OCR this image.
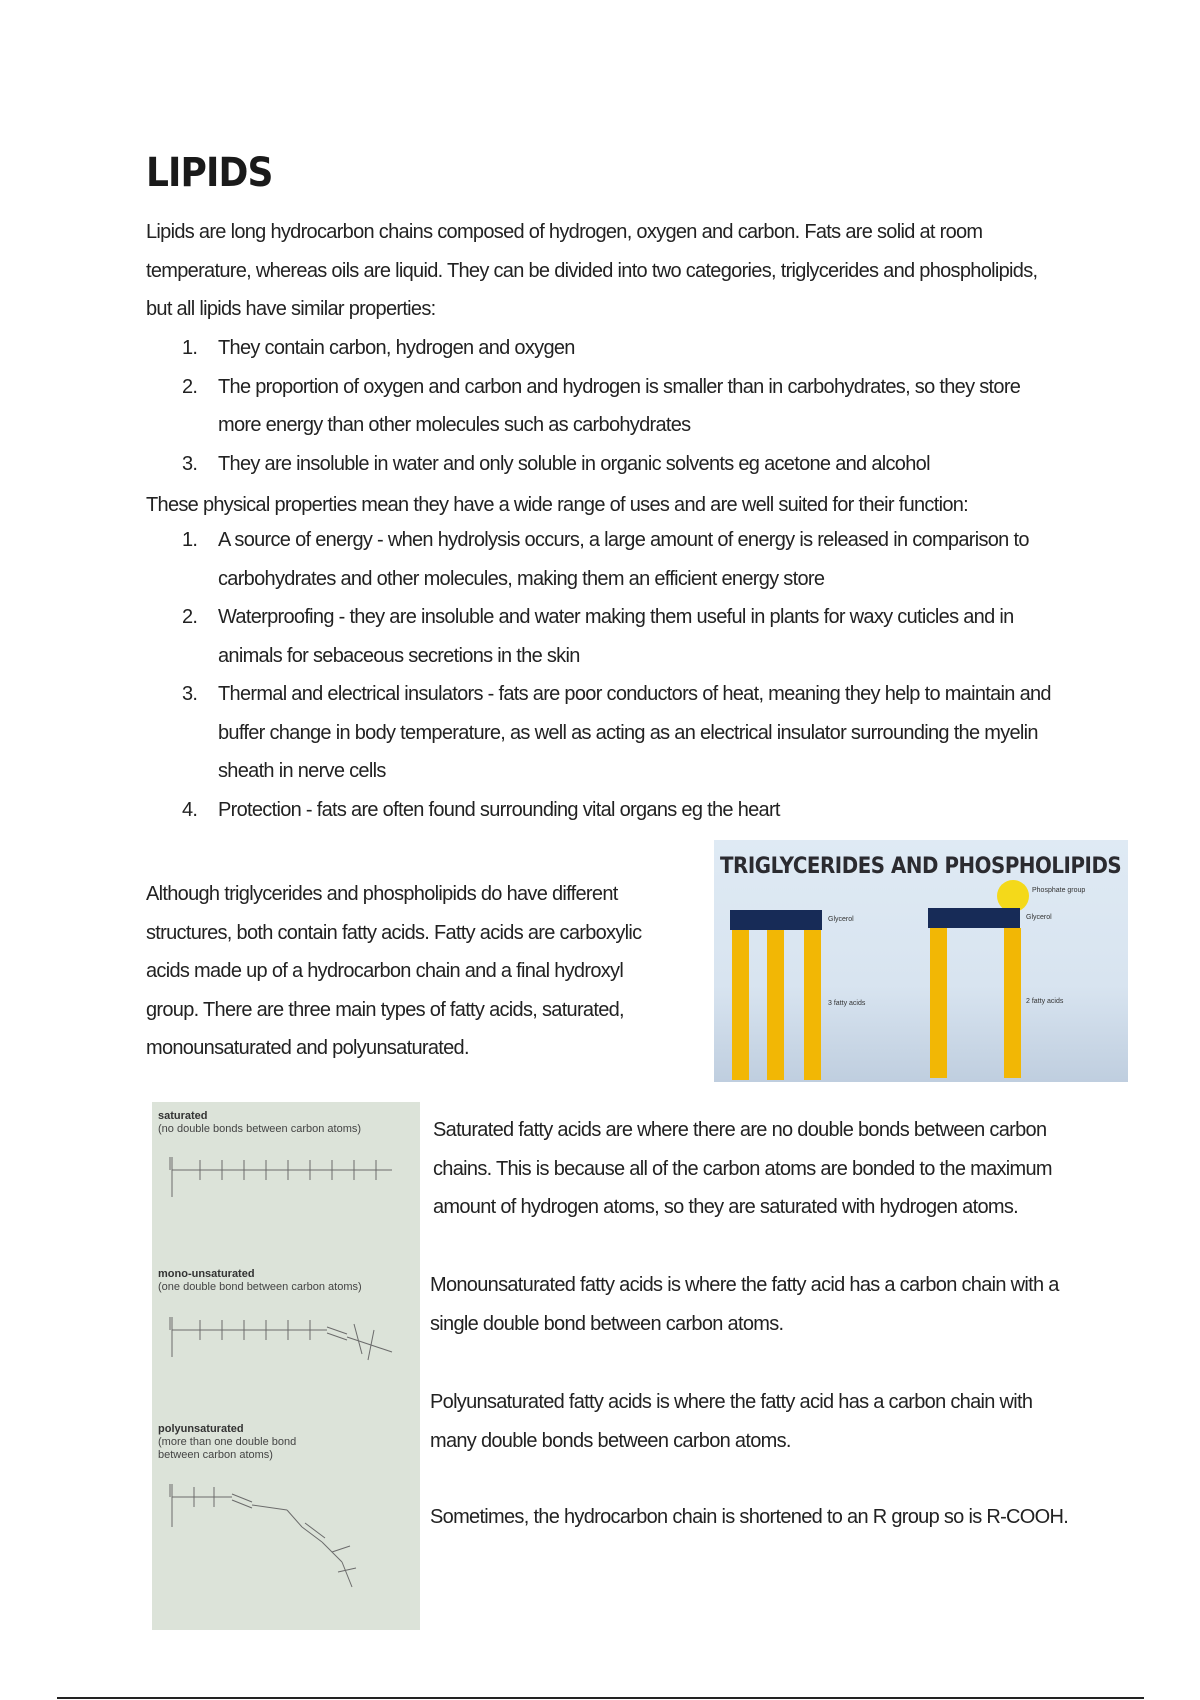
LIPIDS

Lipids are long hydrocarbon chains composed of hydrogen, oxygen and carbon. Fats are solid at room temperature, whereas oils are liquid. They can be divided into two categories, triglycerides and phospholipids, but all lipids have similar properties:

1. They contain carbon, hydrogen and oxygen
2. The proportion of oxygen and carbon and hydrogen is smaller than in carbohydrates, so they store more energy than other molecules such as carbohydrates
3. They are insoluble in water and only soluble in organic solvents eg acetone and alcohol

These physical properties mean they have a wide range of uses and are well suited for their function:

1. A source of energy - when hydrolysis occurs, a large amount of energy is released in comparison to carbohydrates and other molecules, making them an efficient energy store
2. Waterproofing - they are insoluble and water making them useful in plants for waxy cuticles and in animals for sebaceous secretions in the skin
3. Thermal and electrical insulators - fats are poor conductors of heat, meaning they help to maintain and buffer change in body temperature, as well as acting as an electrical insulator surrounding the myelin sheath in nerve cells
4. Protection - fats are often found surrounding vital organs eg the heart

Although triglycerides and phospholipids do have different structures, both contain fatty acids. Fatty acids are carboxylic acids made up of a hydrocarbon chain and a final hydroxyl group. There are three main types of fatty acids, saturated, monounsaturated and polyunsaturated.

TRIGLYCERIDES AND PHOSPHOLIPIDS
Glycerol
3 fatty acids
Phosphate group
Glycerol
2 fatty acids

saturated
(no double bonds between carbon atoms)

mono-unsaturated
(one double bond between carbon atoms)

polyunsaturated
(more than one double bond
between carbon atoms)

Saturated fatty acids are where there are no double bonds between carbon chains. This is because all of the carbon atoms are bonded to the maximum amount of hydrogen atoms, so they are saturated with hydrogen atoms.

Monounsaturated fatty acids is where the fatty acid has a carbon chain with a single double bond between carbon atoms.

Polyunsaturated fatty acids is where the fatty acid has a carbon chain with many double bonds between carbon atoms.

Sometimes, the hydrocarbon chain is shortened to an R group so is R-COOH.
